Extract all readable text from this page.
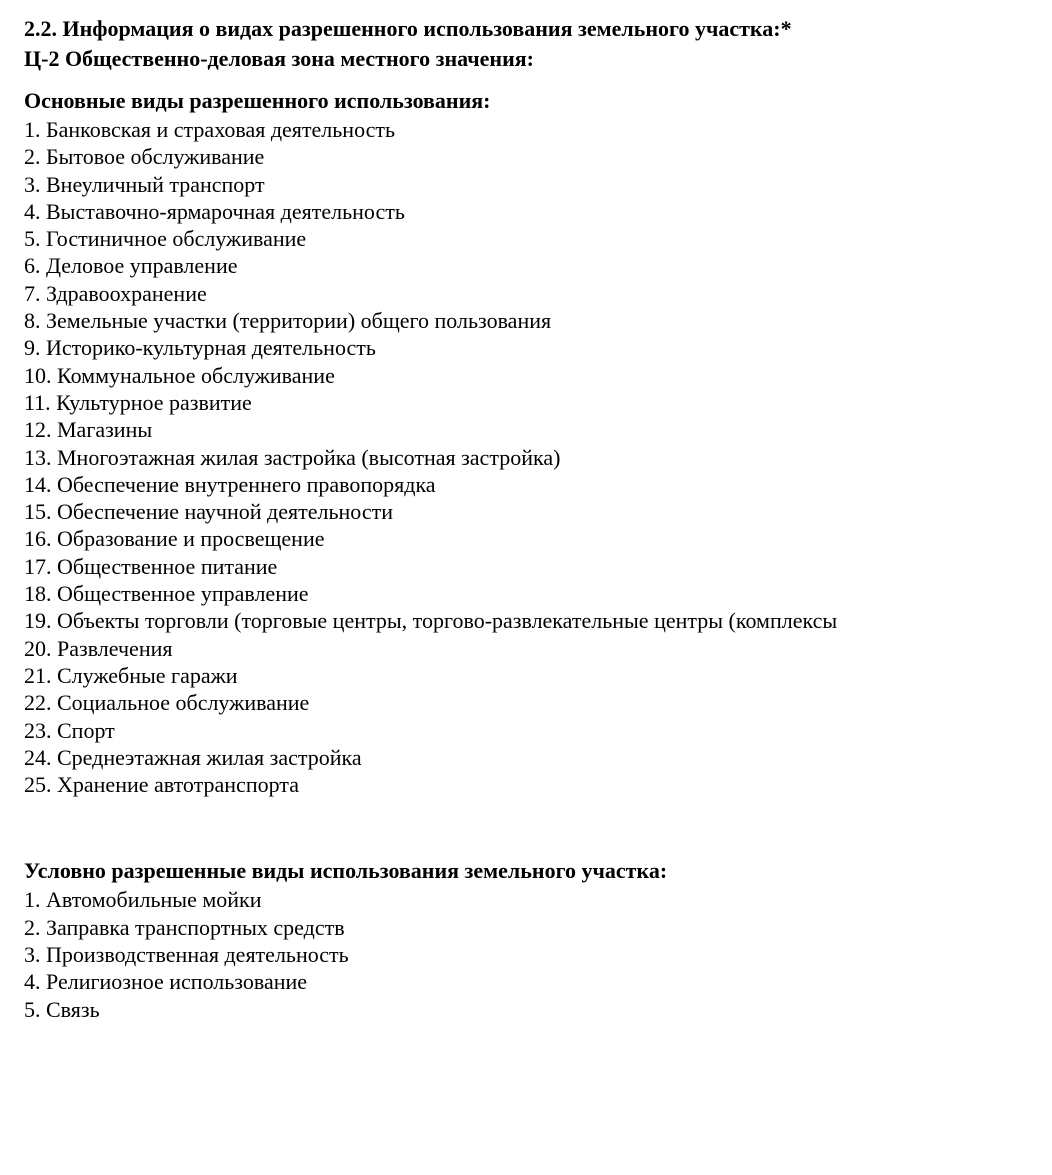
2.2. Информация о видах разрешенного использования земельного участка:*
Ц-2 Общественно-деловая зона местного значения:
Основные виды разрешенного использования:
1. Банковская и страховая деятельность
2. Бытовое обслуживание
3. Внеуличный транспорт
4. Выставочно-ярмарочная деятельность
5. Гостиничное обслуживание
6. Деловое управление
7. Здравоохранение
8. Земельные участки (территории) общего пользования
9. Историко-культурная деятельность
10. Коммунальное обслуживание
11. Культурное развитие
12. Магазины
13. Многоэтажная жилая застройка (высотная застройка)
14. Обеспечение внутреннего правопорядка
15. Обеспечение научной деятельности
16. Образование и просвещение
17. Общественное питание
18. Общественное управление
19. Объекты торговли (торговые центры, торгово-развлекательные центры (комплексы
20. Развлечения
21. Служебные гаражи
22. Социальное обслуживание
23. Спорт
24. Среднеэтажная жилая застройка
25. Хранение автотранспорта
Условно разрешенные виды использования земельного участка:
1. Автомобильные мойки
2. Заправка транспортных средств
3. Производственная деятельность
4. Религиозное использование
5. Связь
